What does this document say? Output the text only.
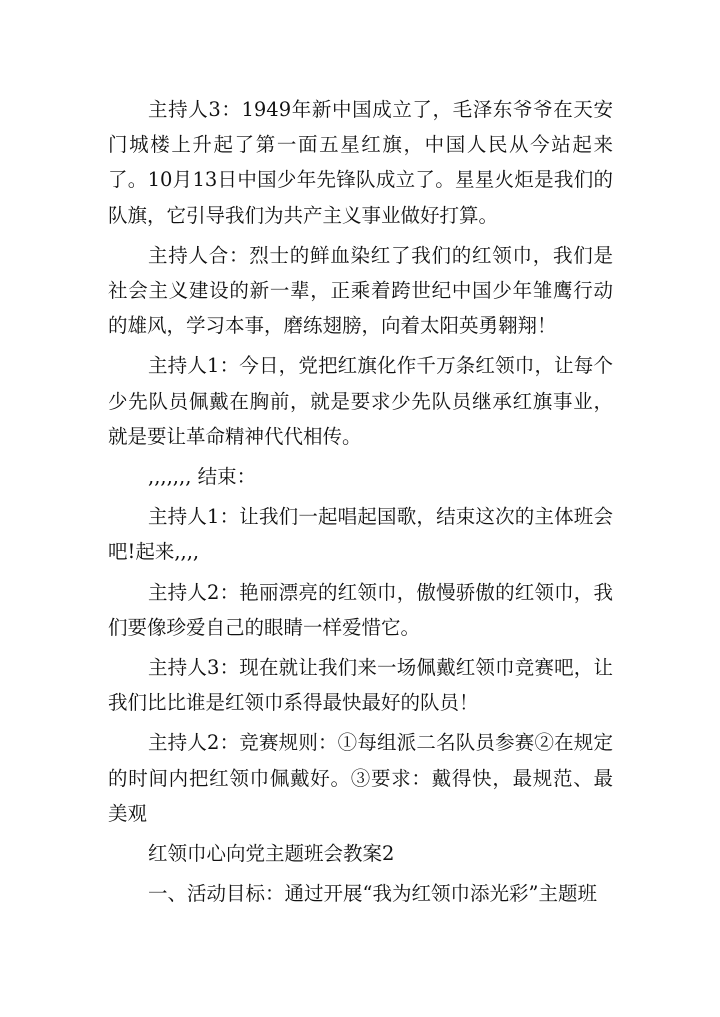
主持人3：1949年新中国成立了，毛泽东爷爷在天安门城楼上升起了第一面五星红旗，中国人民从今站起来了。10月13日中国少年先锋队成立了。星星火炬是我们的队旗，它引导我们为共产主义事业做好打算。

主持人合：烈士的鲜血染红了我们的红领巾，我们是社会主义建设的新一辈，正乘着跨世纪中国少年雏鹰行动的雄风，学习本事，磨练翅膀，向着太阳英勇翱翔！

主持人1：今日，党把红旗化作千万条红领巾，让每个少先队员佩戴在胸前，就是要求少先队员继承红旗事业，就是要让革命精神代代相传。

,,,,,,, 结束：

主持人1：让我们一起唱起国歌，结束这次的主体班会吧!起来,,,,

主持人2：艳丽漂亮的红领巾，傲慢骄傲的红领巾，我们要像珍爱自己的眼睛一样爱惜它。

主持人3：现在就让我们来一场佩戴红领巾竞赛吧，让我们比比谁是红领巾系得最快最好的队员！

主持人2：竞赛规则：①每组派二名队员参赛②在规定的时间内把红领巾佩戴好。③要求：戴得快，最规范、最美观

红领巾心向党主题班会教案2

一、活动目标：通过开展“我为红领巾添光彩”主题班
